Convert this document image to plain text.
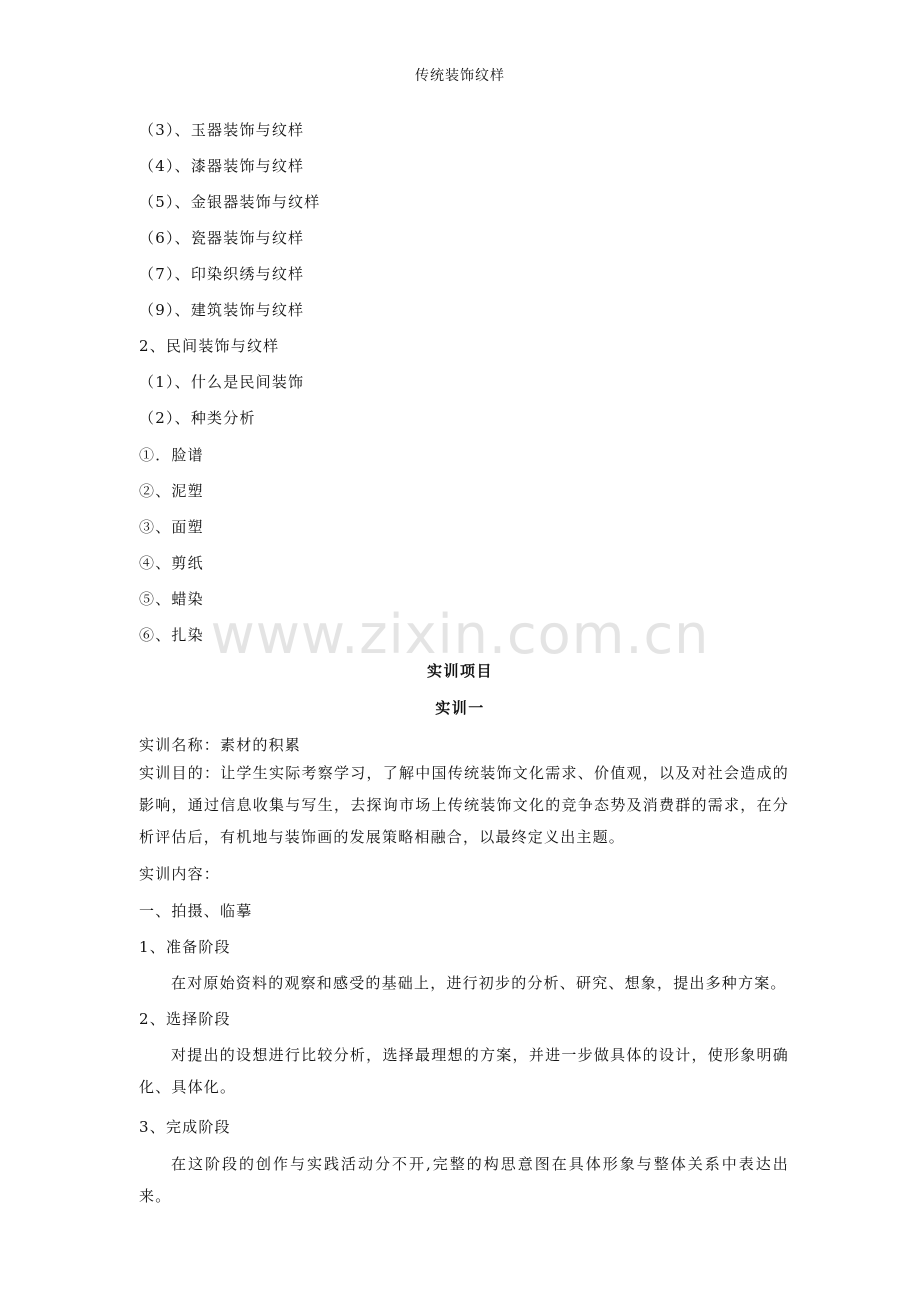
传统装饰纹样
（3）、玉器装饰与纹样
（4）、漆器装饰与纹样
（5）、金银器装饰与纹样
（6）、瓷器装饰与纹样
（7）、印染织绣与纹样
（9）、建筑装饰与纹样
2、民间装饰与纹样
（1）、什么是民间装饰
（2）、种类分析
①．脸谱
②、泥塑
③、面塑
④、剪纸
⑤、蜡染
⑥、扎染 www.zixin.com.cn
实训项目
实训一
实训名称：素材的积累
实训目的：让学生实际考察学习，了解中国传统装饰文化需求、价值观，以及对社会造成的影响，通过信息收集与写生，去探询市场上传统装饰文化的竞争态势及消费群的需求，在分析评估后，有机地与装饰画的发展策略相融合，以最终定义出主题。
实训内容：
一、拍摄、临摹
1、准备阶段
在对原始资料的观察和感受的基础上，进行初步的分析、研究、想象，提出多种方案。
2、选择阶段
对提出的设想进行比较分析，选择最理想的方案，并进一步做具体的设计，使形象明确化、具体化。
3、完成阶段
在这阶段的创作与实践活动分不开,完整的构思意图在具体形象与整体关系中表达出来。
